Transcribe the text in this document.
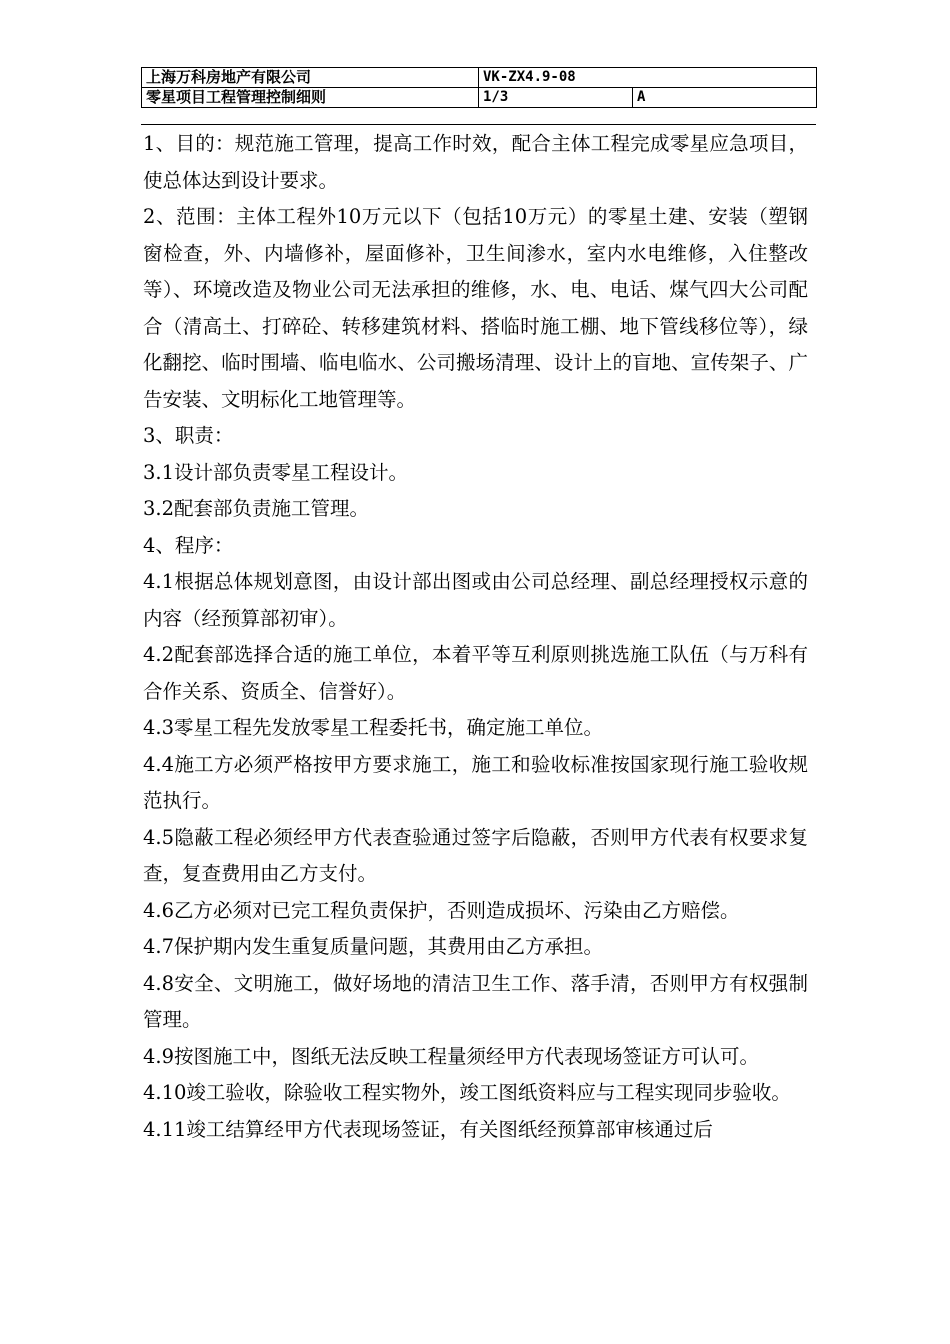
上海万科房地产有限公司	VK-ZX4.9-08	
零星项目工程管理控制细则	1/3	A

1、目的：规范施工管理，提高工作时效，配合主体工程完成零星应急项目，使总体达到设计要求。

2、范围：主体工程外10万元以下（包括10万元）的零星土建、安装（塑钢窗检查，外、内墙修补，屋面修补，卫生间渗水，室内水电维修，入住整改等）、环境改造及物业公司无法承担的维修，水、电、电话、煤气四大公司配合（清高土、打碎砼、转移建筑材料、搭临时施工棚、地下管线移位等），绿化翻挖、临时围墙、临电临水、公司搬场清理、设计上的盲地、宣传架子、广告安装、文明标化工地管理等。

3、职责：

3.1设计部负责零星工程设计。

3.2配套部负责施工管理。

4、程序：

4.1根据总体规划意图，由设计部出图或由公司总经理、副总经理授权示意的内容（经预算部初审）。

4.2配套部选择合适的施工单位，本着平等互利原则挑选施工队伍（与万科有合作关系、资质全、信誉好）。

4.3零星工程先发放零星工程委托书，确定施工单位。

4.4施工方必须严格按甲方要求施工，施工和验收标准按国家现行施工验收规范执行。

4.5隐蔽工程必须经甲方代表查验通过签字后隐蔽，否则甲方代表有权要求复查，复查费用由乙方支付。

4.6乙方必须对已完工程负责保护，否则造成损坏、污染由乙方赔偿。

4.7保护期内发生重复质量问题，其费用由乙方承担。

4.8安全、文明施工，做好场地的清洁卫生工作、落手清，否则甲方有权强制管理。

4.9按图施工中，图纸无法反映工程量须经甲方代表现场签证方可认可。

4.10竣工验收，除验收工程实物外，竣工图纸资料应与工程实现同步验收。

4.11竣工结算经甲方代表现场签证，有关图纸经预算部审核通过后
